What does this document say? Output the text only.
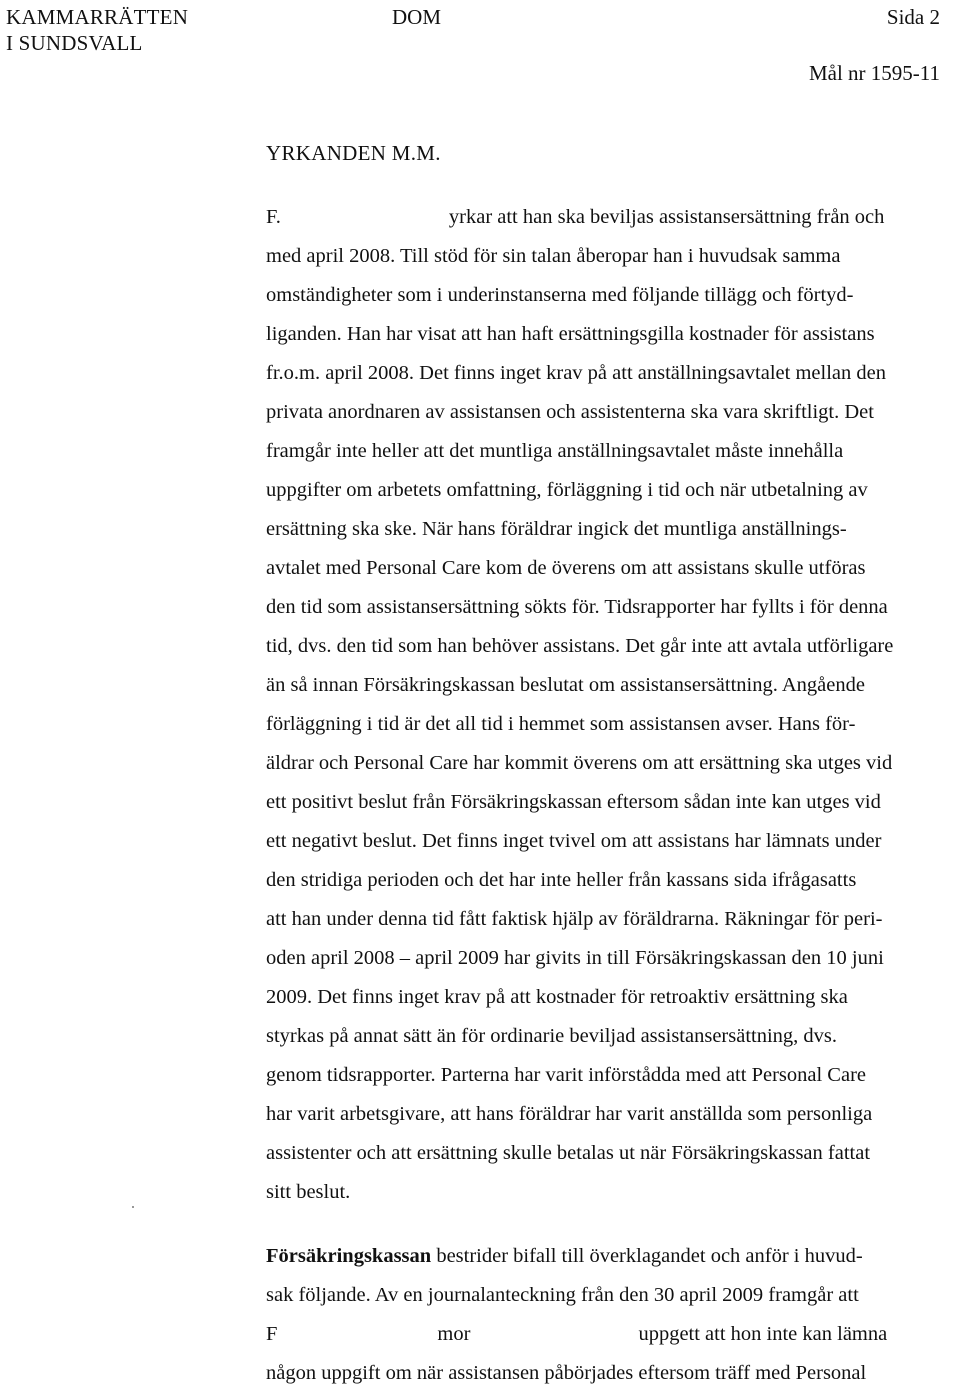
KAMMARRÄTTEN
I SUNDSVALL
DOM	Sida 2
Mål nr 1595-11
YRKANDEN M.M.
F.	yrkar att han ska beviljas assistansersättning från och
med april 2008. Till stöd för sin talan åberopar han i huvudsak samma
omständigheter som i underinstanserna med följande tillägg och förtyd-
liganden. Han har visat att han haft ersättningsgilla kostnader för assistans
fr.o.m. april 2008. Det finns inget krav på att anställningsavtalet mellan den
privata anordnaren av assistansen och assistenterna ska vara skriftligt. Det
framgår inte heller att det muntliga anställningsavtalet måste innehålla
uppgifter om arbetets omfattning, förläggning i tid och när utbetalning av
ersättning ska ske. När hans föräldrar ingick det muntliga anställnings-
avtalet med Personal Care kom de överens om att assistans skulle utföras
den tid som assistansersättning sökts för. Tidsrapporter har fyllts i för denna
tid, dvs. den tid som han behöver assistans. Det går inte att avtala utförligare
än så innan Försäkringskassan beslutat om assistansersättning. Angående
förläggning i tid är det all tid i hemmet som assistansen avser. Hans för-
äldrar och Personal Care har kommit överens om att ersättning ska utges vid
ett positivt beslut från Försäkringskassan eftersom sådan inte kan utges vid
ett negativt beslut. Det finns inget tvivel om att assistans har lämnats under
den stridiga perioden och det har inte heller från kassans sida ifrågasatts
att han under denna tid fått faktisk hjälp av föräldrarna. Räkningar för peri-
oden april 2008 – april 2009 har givits in till Försäkringskassan den 10 juni
2009. Det finns inget krav på att kostnader för retroaktiv ersättning ska
styrkas på annat sätt än för ordinarie beviljad assistansersättning, dvs.
genom tidsrapporter. Parterna har varit införstådda med att Personal Care
har varit arbetsgivare, att hans föräldrar har varit anställda som personliga
assistenter och att ersättning skulle betalas ut när Försäkringskassan fattat
sitt beslut.
Försäkringskassan bestrider bifall till överklagandet och anför i huvud-
sak följande. Av en journalanteckning från den 30 april 2009 framgår att
F	mor	uppgett att hon inte kan lämna
någon uppgift om när assistansen påbörjades eftersom träff med Personal
